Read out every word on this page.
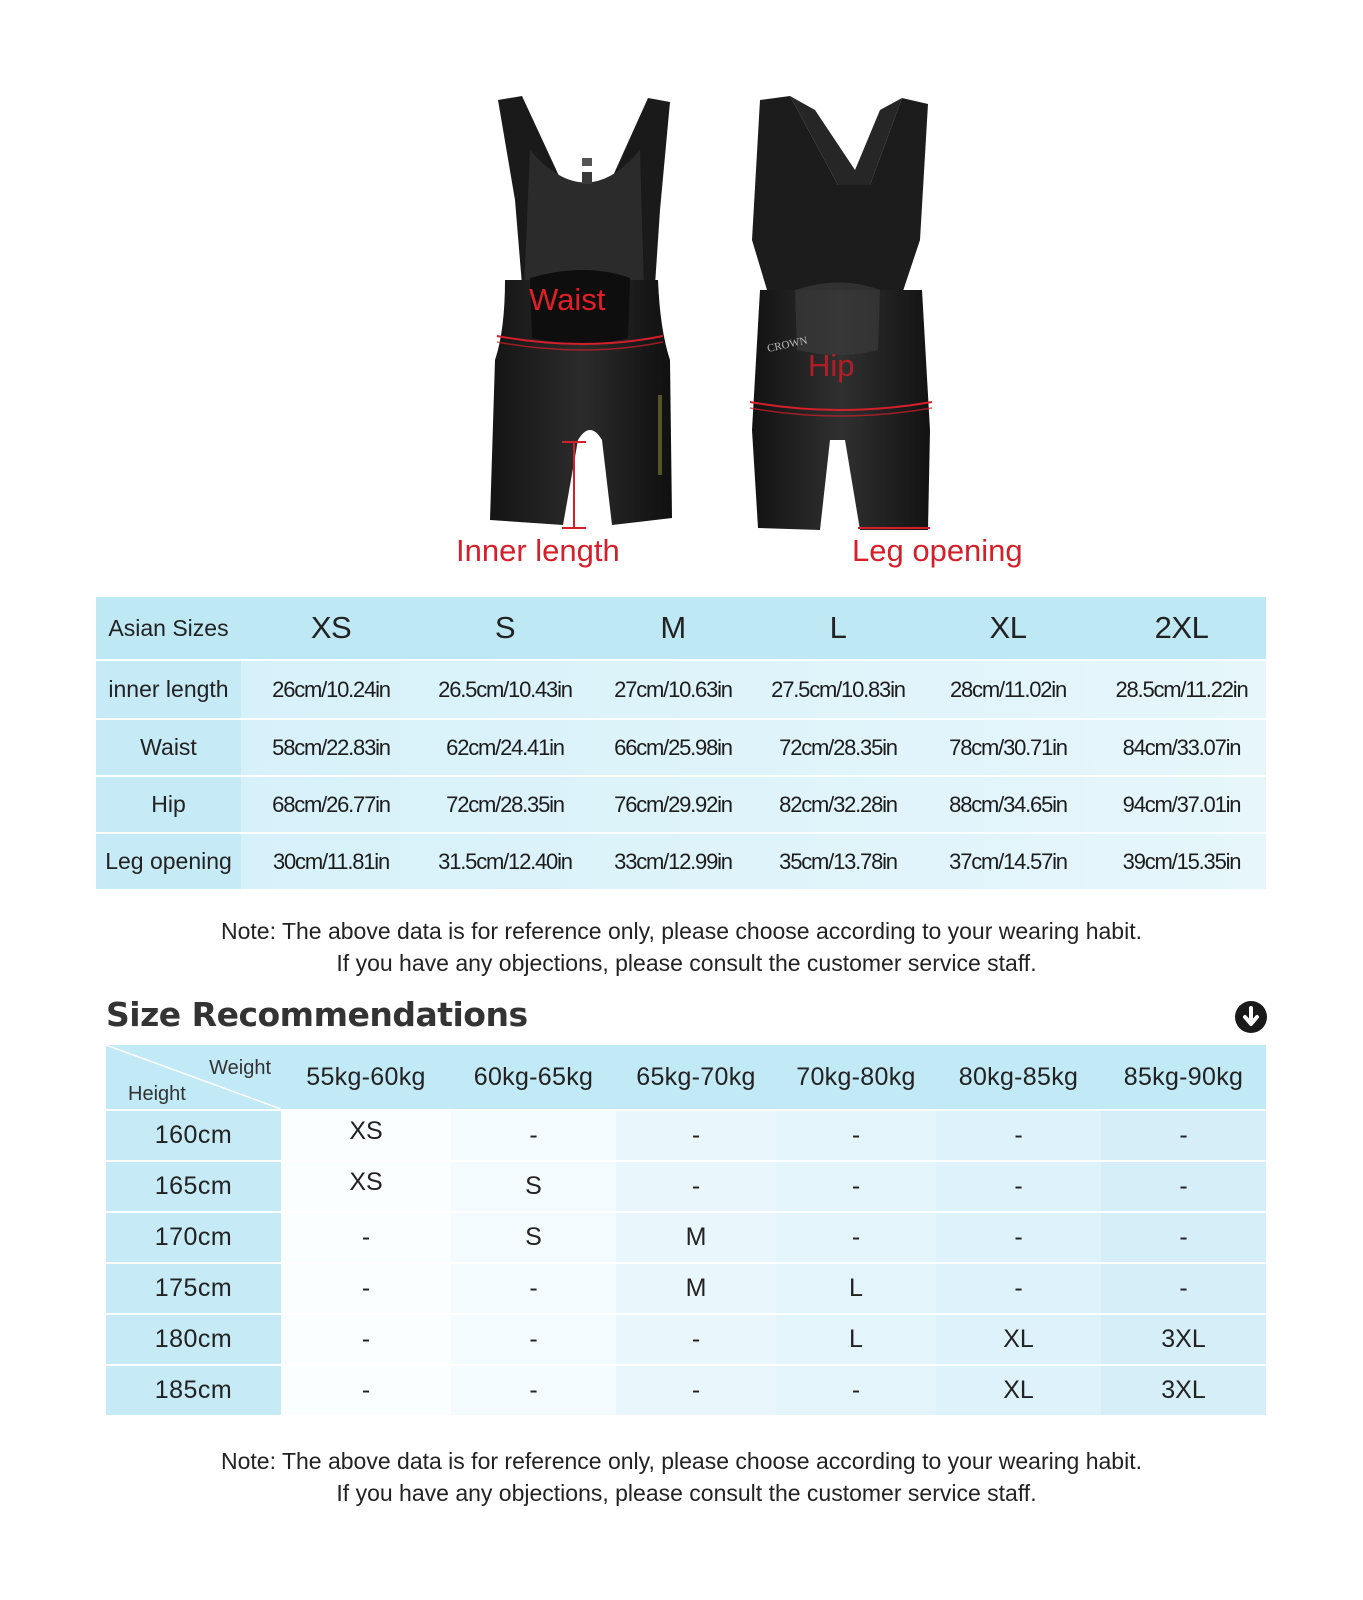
CROWN
Waist
Hip
Inner length	Leg opening
Asian Sizes	XS	S	M	L	XL	2XL
inner length	26cm/10.24in	26.5cm/10.43in	27cm/10.63in	27.5cm/10.83in	28cm/11.02in	28.5cm/11.22in
Waist	58cm/22.83in	62cm/24.41in	66cm/25.98in	72cm/28.35in	78cm/30.71in	84cm/33.07in
Hip	68cm/26.77in	72cm/28.35in	76cm/29.92in	82cm/32.28in	88cm/34.65in	94cm/37.01in
Leg opening	30cm/11.81in	31.5cm/12.40in	33cm/12.99in	35cm/13.78in	37cm/14.57in	39cm/15.35in
Note: The above data is for reference only, please choose according to your wearing habit.
If you have any objections, please consult the customer service staff.
Size Recommendations
Weight
Height
55kg-60kg	60kg-65kg	65kg-70kg	70kg-80kg	80kg-85kg	85kg-90kg
160cm	XS	-	-	-	-	-
165cm	XS	S	-	-	-	-
170cm	-	S	M	-	-	-
175cm	-	-	M	L	-	-
180cm	-	-	-	L	XL	3XL
185cm	-	-	-	-	XL	3XL
Note: The above data is for reference only, please choose according to your wearing habit.
If you have any objections, please consult the customer service staff.
